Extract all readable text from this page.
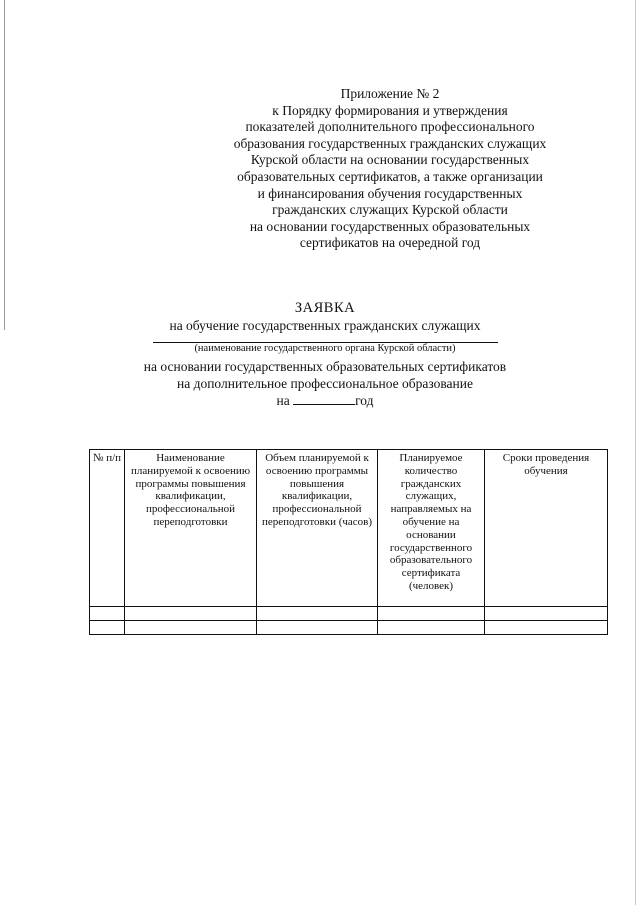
Приложение № 2
к Порядку формирования и утверждения
показателей дополнительного профессионального
образования государственных гражданских служащих
Курской области на основании государственных
образовательных сертификатов, а также организации
и финансирования обучения государственных
гражданских служащих Курской области
на основании государственных образовательных
сертификатов на очередной год
ЗАЯВКА
на обучение государственных гражданских служащих
(наименование государственного органа Курской области)
на основании государственных образовательных сертификатов
на дополнительное профессиональное образование
на	год
№ п/п	Наименование планируемой к освоению программы повышения квалификации, профессиональной переподготовки	Объем планируемой к освоению программы повышения квалификации, профессиональной переподготовки (часов)	Планируемое количество гражданских служащих, направляемых на обучение на основании государственного образовательного сертификата (человек)	Сроки проведения обучения
